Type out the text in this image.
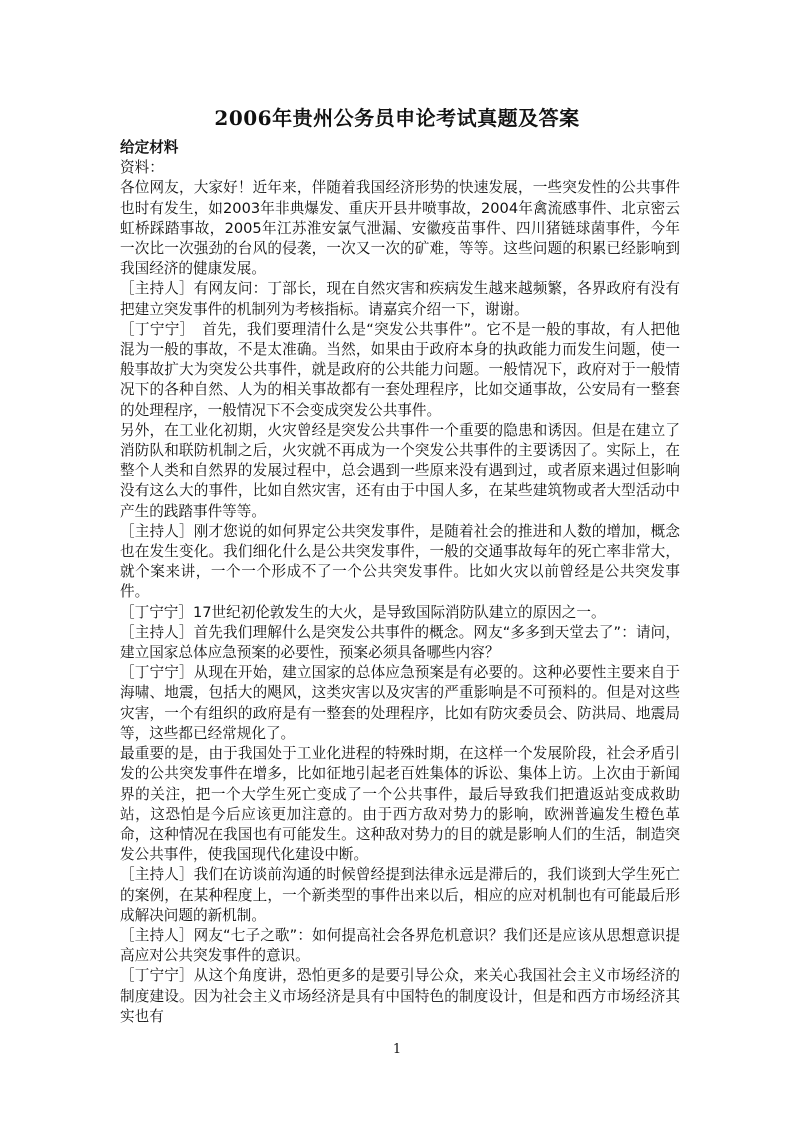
2006年贵州公务员申论考试真题及答案

给定材料

资料：

各位网友，大家好！近年来，伴随着我国经济形势的快速发展，一些突发性的公共事件也时有发生，如2003年非典爆发、重庆开县井喷事故，2004年禽流感事件、北京密云虹桥踩踏事故，2005年江苏淮安氯气泄漏、安徽疫苗事件、四川猪链球菌事件，今年一次比一次强劲的台风的侵袭，一次又一次的矿难，等等。这些问题的积累已经影响到我国经济的健康发展。

［主持人］有网友问：丁部长，现在自然灾害和疾病发生越来越频繁，各界政府有没有把建立突发事件的机制列为考核指标。请嘉宾介绍一下，谢谢。

［丁宁宁］　首先，我们要理清什么是“突发公共事件”。它不是一般的事故，有人把他混为一般的事故，不是太准确。当然，如果由于政府本身的执政能力而发生问题，使一般事故扩大为突发公共事件，就是政府的公共能力问题。一般情况下，政府对于一般情况下的各种自然、人为的相关事故都有一套处理程序，比如交通事故，公安局有一整套的处理程序，一般情况下不会变成突发公共事件。

另外，在工业化初期，火灾曾经是突发公共事件一个重要的隐患和诱因。但是在建立了消防队和联防机制之后，火灾就不再成为一个突发公共事件的主要诱因了。实际上，在整个人类和自然界的发展过程中，总会遇到一些原来没有遇到过，或者原来遇过但影响没有这么大的事件，比如自然灾害，还有由于中国人多，在某些建筑物或者大型活动中产生的践踏事件等等。

［主持人］刚才您说的如何界定公共突发事件，是随着社会的推进和人数的增加，概念也在发生变化。我们细化什么是公共突发事件，一般的交通事故每年的死亡率非常大，就个案来讲，一个一个形成不了一个公共突发事件。比如火灾以前曾经是公共突发事件。

［丁宁宁］17世纪初伦敦发生的大火，是导致国际消防队建立的原因之一。

［主持人］首先我们理解什么是突发公共事件的概念。网友“多多到天堂去了”：请问，建立国家总体应急预案的必要性，预案必须具备哪些内容？

［丁宁宁］从现在开始，建立国家的总体应急预案是有必要的。这种必要性主要来自于海啸、地震，包括大的飓风，这类灾害以及灾害的严重影响是不可预料的。但是对这些灾害，一个有组织的政府是有一整套的处理程序，比如有防灾委员会、防洪局、地震局等，这些都已经常规化了。

最重要的是，由于我国处于工业化进程的特殊时期，在这样一个发展阶段，社会矛盾引发的公共突发事件在增多，比如征地引起老百姓集体的诉讼、集体上访。上次由于新闻界的关注，把一个大学生死亡变成了一个公共事件，最后导致我们把遣返站变成救助站，这恐怕是今后应该更加注意的。由于西方敌对势力的影响，欧洲普遍发生橙色革命，这种情况在我国也有可能发生。这种敌对势力的目的就是影响人们的生活，制造突发公共事件，使我国现代化建设中断。

［主持人］我们在访谈前沟通的时候曾经提到法律永远是滞后的，我们谈到大学生死亡的案例，在某种程度上，一个新类型的事件出来以后，相应的应对机制也有可能最后形成解决问题的新机制。

［主持人］网友“七子之歌”：如何提高社会各界危机意识？我们还是应该从思想意识提高应对公共突发事件的意识。

［丁宁宁］从这个角度讲，恐怕更多的是要引导公众，来关心我国社会主义市场经济的制度建设。因为社会主义市场经济是具有中国特色的制度设计，但是和西方市场经济其实也有

1
